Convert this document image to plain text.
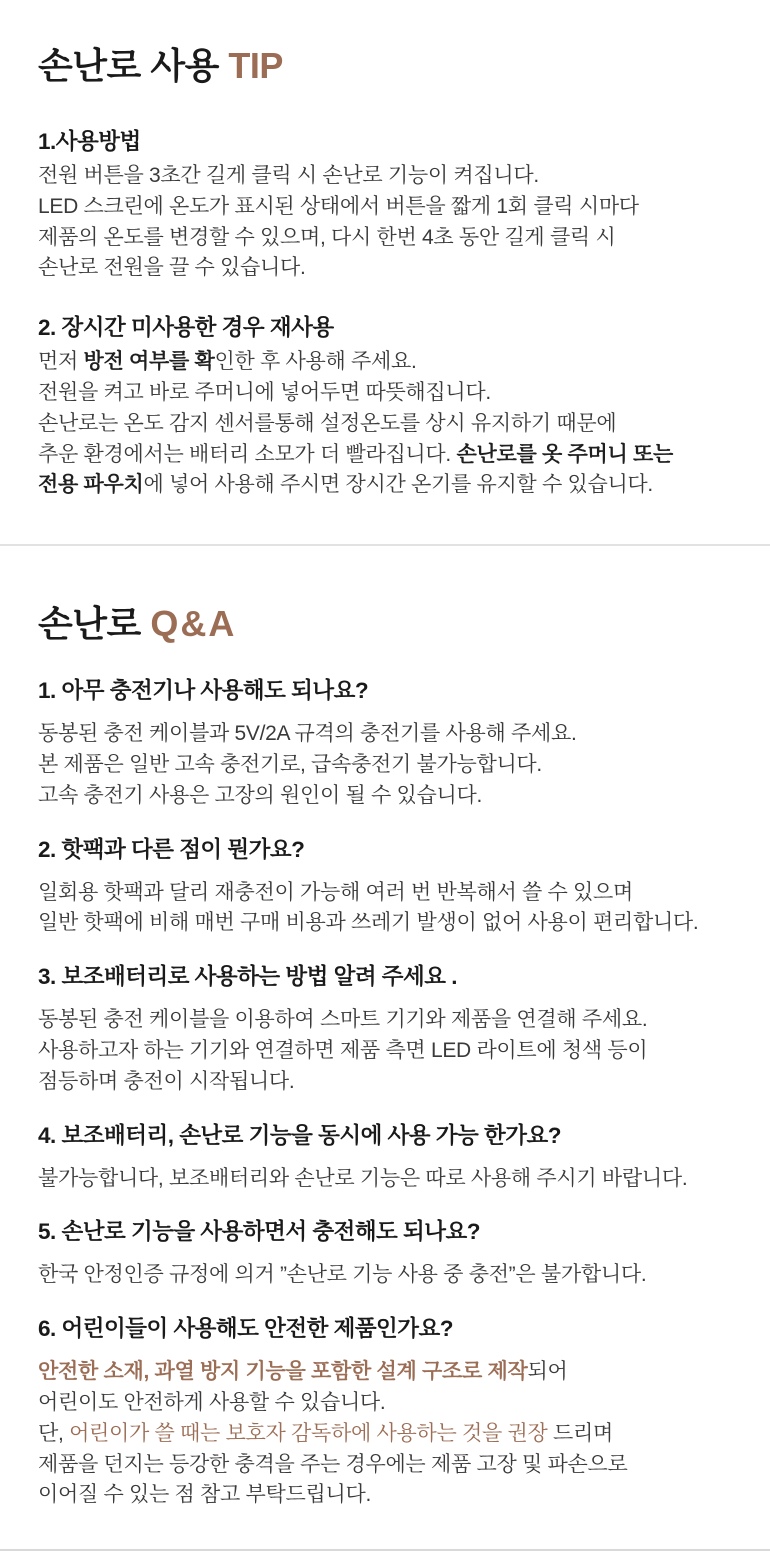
손난로 사용 TIP
1.사용방법
전원 버튼을 3초간 길게 클릭 시 손난로 기능이 켜집니다.
LED 스크린에 온도가 표시된 상태에서 버튼을 짧게 1회 클릭 시마다
제품의 온도를 변경할 수 있으며, 다시 한번 4초 동안 길게 클릭 시
손난로 전원을 끌 수 있습니다.
2. 장시간 미사용한 경우 재사용
먼저 방전 여부를 확인한 후 사용해 주세요.
전원을 켜고 바로 주머니에 넣어두면 따뜻해집니다.
손난로는 온도 감지 센서를통해 설정온도를 상시 유지하기 때문에
추운 환경에서는 배터리 소모가 더 빨라집니다. 손난로를 옷 주머니 또는
전용 파우치에 넣어 사용해 주시면 장시간 온기를 유지할 수 있습니다.
손난로 Q&A
1. 아무 충전기나 사용해도 되나요?
동봉된 충전 케이블과 5V/2A 규격의 충전기를 사용해 주세요.
본 제품은 일반 고속 충전기로, 급속충전기 불가능합니다.
고속 충전기 사용은 고장의 원인이 될 수 있습니다.
2. 핫팩과 다른 점이 뭔가요?
일회용 핫팩과 달리 재충전이 가능해 여러 번 반복해서 쓸 수 있으며
일반 핫팩에 비해 매번 구매 비용과 쓰레기 발생이 없어 사용이 편리합니다.
3. 보조배터리로 사용하는 방법 알려 주세요 .
동봉된 충전 케이블을 이용하여 스마트 기기와 제품을 연결해 주세요.
사용하고자 하는 기기와 연결하면 제품 측면 LED 라이트에 청색 등이
점등하며 충전이 시작됩니다.
4. 보조배터리, 손난로 기능을 동시에 사용 가능 한가요?
불가능합니다, 보조배터리와 손난로 기능은 따로 사용해 주시기 바랍니다.
5. 손난로 기능을 사용하면서 충전해도 되나요?
한국 안정인증 규정에 의거 ”손난로 기능 사용 중 충전”은 불가합니다.
6. 어린이들이 사용해도 안전한 제품인가요?
안전한 소재, 과열 방지 기능을 포함한 설계 구조로 제작되어
어린이도 안전하게 사용할 수 있습니다.
단, 어린이가 쓸 때는 보호자 감독하에 사용하는 것을 권장 드리며
제품을 던지는 등강한 충격을 주는 경우에는 제품 고장 및 파손으로
이어질 수 있는 점 참고 부탁드립니다.
